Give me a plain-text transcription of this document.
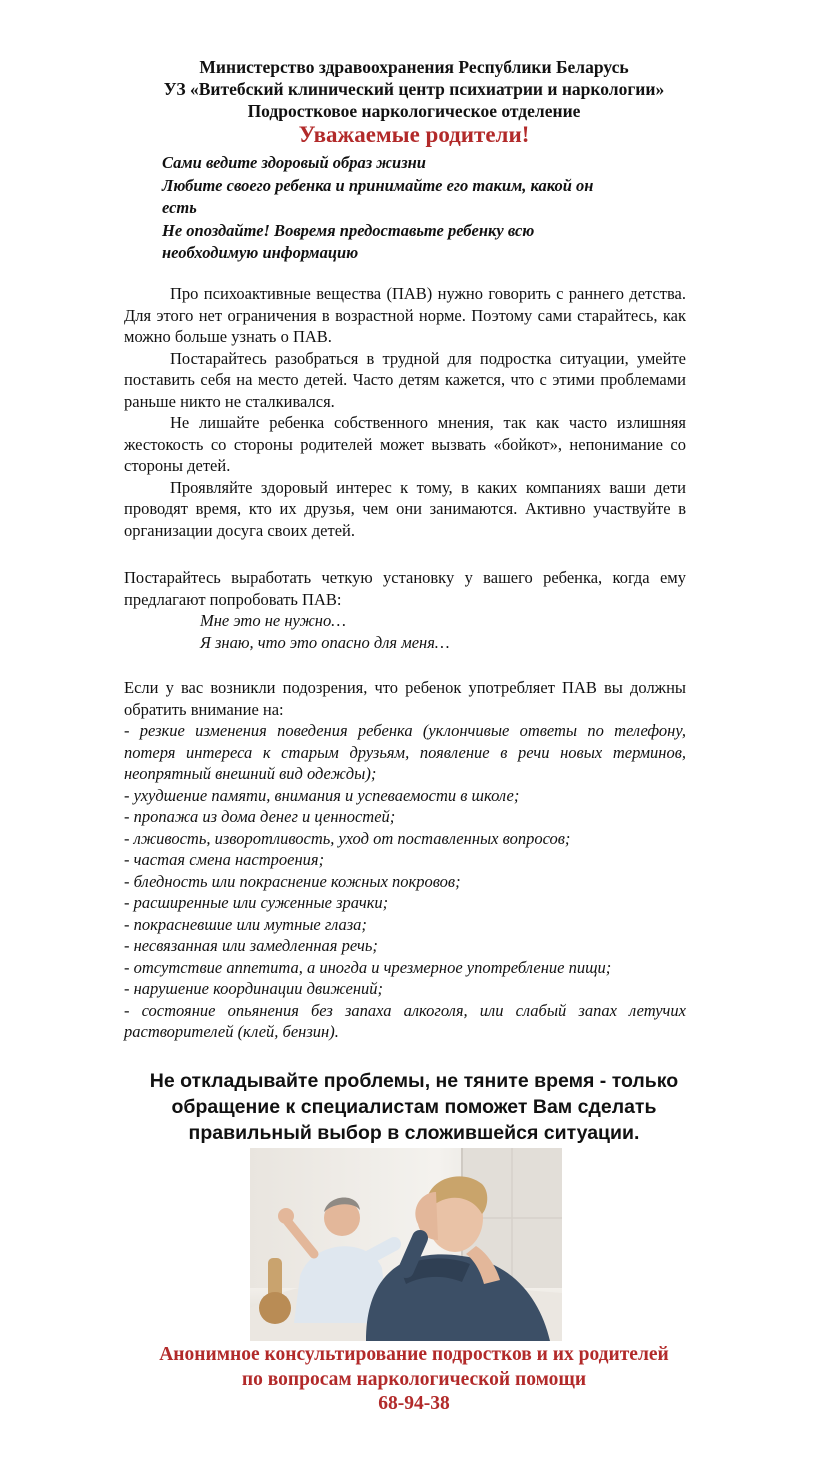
Министерство здравоохранения Республики Беларусь
УЗ «Витебский клинический центр психиатрии и наркологии»
Подростковое наркологическое отделение
Уважаемые родители!
Сами ведите здоровый образ жизни
Любите своего ребенка и принимайте его таким, какой он есть
Не опоздайте! Вовремя предоставьте ребенку всю необходимую информацию

Про психоактивные вещества (ПАВ) нужно говорить с раннего детства. Для этого нет ограничения в возрастной норме. Поэтому сами старайтесь, как можно больше узнать о ПАВ.

Постарайтесь разобраться в трудной для подростка ситуации, умейте поставить себя на место детей. Часто детям кажется, что с этими проблемами раньше никто не сталкивался.

Не лишайте ребенка собственного мнения, так как часто излишняя жестокость со стороны родителей может вызвать «бойкот», непонимание со стороны детей.

Проявляйте здоровый интерес к тому, в каких компаниях ваши дети проводят время, кто их друзья, чем они занимаются. Активно участвуйте в организации досуга своих детей.

Постарайтесь выработать четкую установку у вашего ребенка, когда ему предлагают попробовать ПАВ:

Мне это не нужно…

Я знаю, что это опасно для меня…

Если у вас возникли подозрения, что ребенок употребляет ПАВ вы должны обратить внимание на:

- резкие изменения поведения ребенка (уклончивые ответы по телефону, потеря интереса к старым друзьям, появление в речи новых терминов, неопрятный внешний вид одежды);

- ухудшение памяти, внимания и успеваемости в школе;

- пропажа из дома денег и ценностей;

- лживость, изворотливость, уход от поставленных вопросов;

- частая смена настроения;

- бледность или покраснение кожных покровов;

- расширенные или суженные зрачки;

- покрасневшие или мутные глаза;

- несвязанная или замедленная речь;

- отсутствие аппетита, а иногда и чрезмерное употребление пищи;

- нарушение координации движений;

- состояние опьянения без запаха алкоголя, или слабый запах летучих растворителей (клей, бензин).

Не откладывайте проблемы, не тяните время - только обращение к специалистам поможет Вам сделать правильный выбор в сложившейся ситуации.
Анонимное консультирование подростков и их родителей
по вопросам наркологической помощи
68-94-38
